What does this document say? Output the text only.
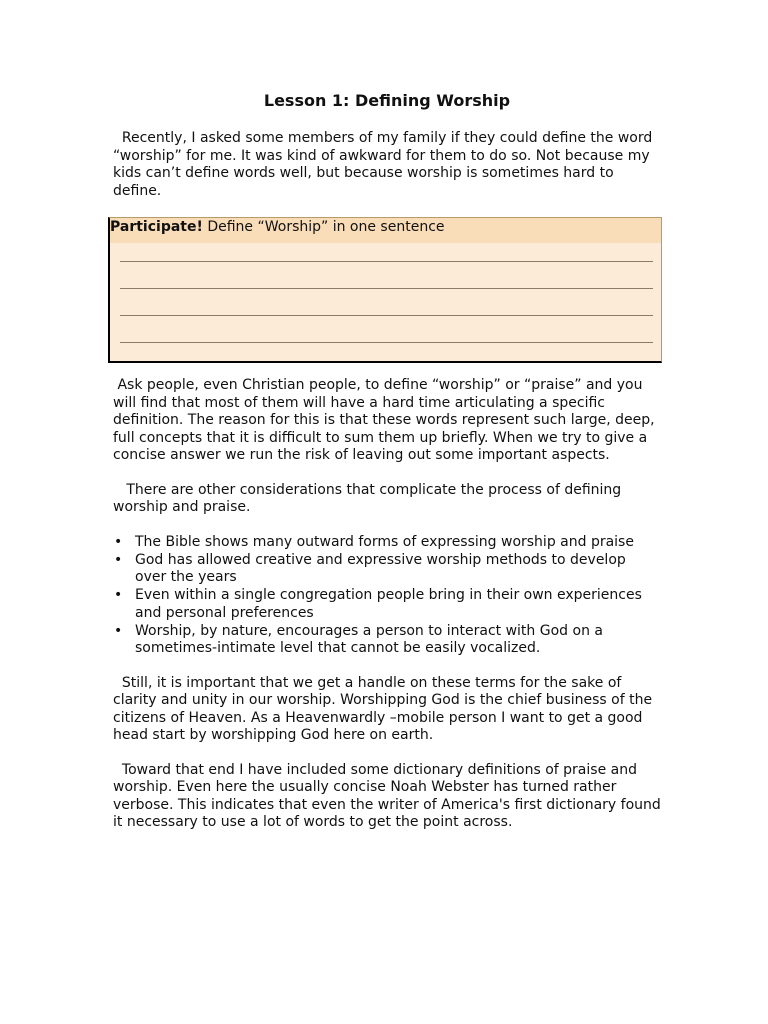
Lesson 1: Defining Worship

Recently, I asked some members of my family if they could define the word “worship” for me. It was kind of awkward for them to do so. Not because my kids can’t define words well, but because worship is sometimes hard to define.

Participate! Define “Worship” in one sentence

Ask people, even Christian people, to define “worship” or “praise” and you will find that most of them will have a hard time articulating a specific definition. The reason for this is that these words represent such large, deep, full concepts that it is difficult to sum them up briefly. When we try to give a concise answer we run the risk of leaving out some important aspects.

There are other considerations that complicate the process of defining worship and praise.

• The Bible shows many outward forms of expressing worship and praise
• God has allowed creative and expressive worship methods to develop over the years
• Even within a single congregation people bring in their own experiences and personal preferences
• Worship, by nature, encourages a person to interact with God on a sometimes-intimate level that cannot be easily vocalized.

Still, it is important that we get a handle on these terms for the sake of clarity and unity in our worship. Worshipping God is the chief business of the citizens of Heaven. As a Heavenwardly –mobile person I want to get a good head start by worshipping God here on earth.

Toward that end I have included some dictionary definitions of praise and worship. Even here the usually concise Noah Webster has turned rather verbose. This indicates that even the writer of America's first dictionary found it necessary to use a lot of words to get the point across.
